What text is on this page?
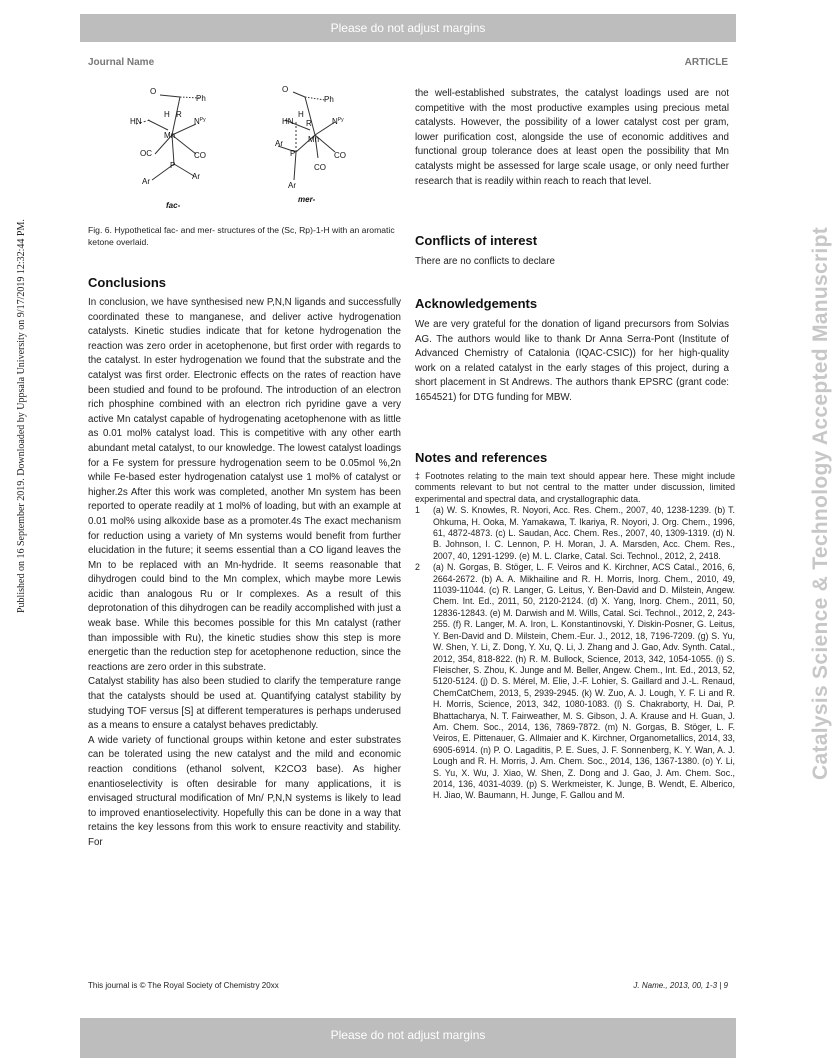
Please do not adjust margins
Journal Name	ARTICLE
Published on 16 September 2019. Downloaded by Uppsala University on 9/17/2019 12:32:44 PM.	Catalysis Science & Technology Accepted Manuscript
O
Ph
H R
HN	$N^{Py}$
Mn
OC	CO
P
Ar
Ar
O
Ph
H
R
HN	$N^{Py}$
Mn
Ar
P	CO
CO
Ar
fac-
mer-
Fig. 6. Hypothetical fac- and mer- structures of the (Sc, Rp)-1-H with an aromatic ketone overlaid.
Conclusions

In conclusion, we have synthesised new P,N,N ligands and successfully coordinated these to manganese, and deliver active hydrogenation catalysts. Kinetic studies indicate that for ketone hydrogenation the reaction was zero order in acetophenone, but first order with regards to the catalyst. In ester hydrogenation we found that the substrate and the catalyst was first order. Electronic effects on the rates of reaction have been studied and found to be profound. The introduction of an electron rich phosphine combined with an electron rich pyridine gave a very active Mn catalyst capable of hydrogenating acetophenone with as little as 0.01 mol% catalyst load. This is competitive with any other earth abundant metal catalyst, to our knowledge. The lowest catalyst loadings for a Fe system for pressure hydrogenation seem to be 0.05mol %,2n while Fe-based ester hydrogenation catalyst use 1 mol% of catalyst or higher.2s After this work was completed, another Mn system has been reported to operate readily at 1 mol% of loading, but with an example at 0.01 mol% using alkoxide base as a promoter.4s The exact mechanism for reduction using a variety of Mn systems would benefit from further elucidation in the future; it seems essential than a CO ligand leaves the Mn to be replaced with an Mn-hydride. It seems reasonable that dihydrogen could bind to the Mn complex, which maybe more Lewis acidic than analogous Ru or Ir complexes. As a result of this deprotonation of this dihydrogen can be readily accomplished with just a weak base. While this becomes possible for this Mn catalyst (rather than impossible with Ru), the kinetic studies show this step is more energetic than the reduction step for acetophenone reduction, since the reactions are zero order in this substrate.

Catalyst stability has also been studied to clarify the temperature range that the catalysts should be used at. Quantifying catalyst stability by studying TOF versus [S] at different temperatures is perhaps underused as a means to ensure a catalyst behaves predictably.

A wide variety of functional groups within ketone and ester substrates can be tolerated using the new catalyst and the mild and economic reaction conditions (ethanol solvent, K2CO3 base). As higher enantioselectivity is often desirable for many applications, it is envisaged structural modification of Mn/ P,N,N systems is likely to lead to improved enantioselectivity. Hopefully this can be done in a way that retains the key lessons from this work to ensure reactivity and stability. For

the well-established substrates, the catalyst loadings used are not competitive with the most productive examples using precious metal catalysts. However, the possibility of a lower catalyst cost per gram, lower purification cost, alongside the use of economic additives and functional group tolerance does at least open the possibility that Mn catalysts might be assessed for large scale usage, or only need further research that is readily within reach to reach that level.
Conflicts of interest
There are no conflicts to declare
Acknowledgements
We are very grateful for the donation of ligand precursors from Solvias AG. The authors would like to thank Dr Anna Serra-Pont (Institute of Advanced Chemistry of Catalonia (IQAC-CSIC)) for her high-quality work on a related catalyst in the early stages of this project, during a short placement in St Andrews. The authors thank EPSRC (grant code: 1654521) for DTG funding for MBW.
Notes and references
‡ Footnotes relating to the main text should appear here. These might include comments relevant to but not central to the matter under discussion, limited experimental and spectral data, and crystallographic data.
1	(a) W. S. Knowles, R. Noyori, Acc. Res. Chem., 2007, 40, 1238-1239. (b) T. Ohkuma, H. Ooka, M. Yamakawa, T. Ikariya, R. Noyori, J. Org. Chem., 1996, 61, 4872-4873. (c) L. Saudan, Acc. Chem. Res., 2007, 40, 1309-1319. (d) N. B. Johnson, I. C. Lennon, P. H. Moran, J. A. Marsden, Acc. Chem. Res., 2007, 40, 1291-1299. (e) M. L. Clarke, Catal. Sci. Technol., 2012, 2, 2418.
2	(a) N. Gorgas, B. Stöger, L. F. Veiros and K. Kirchner, ACS Catal., 2016, 6, 2664-2672. (b) A. A. Mikhailine and R. H. Morris, Inorg. Chem., 2010, 49, 11039-11044. (c) R. Langer, G. Leitus, Y. Ben-David and D. Milstein, Angew. Chem. Int. Ed., 2011, 50, 2120-2124. (d) X. Yang, Inorg. Chem., 2011, 50, 12836-12843. (e) M. Darwish and M. Wills, Catal. Sci. Technol., 2012, 2, 243-255. (f) R. Langer, M. A. Iron, L. Konstantinovski, Y. Diskin-Posner, G. Leitus, Y. Ben-David and D. Milstein, Chem.-Eur. J., 2012, 18, 7196-7209. (g) S. Yu, W. Shen, Y. Li, Z. Dong, Y. Xu, Q. Li, J. Zhang and J. Gao, Adv. Synth. Catal., 2012, 354, 818-822. (h) R. M. Bullock, Science, 2013, 342, 1054-1055. (i) S. Fleischer, S. Zhou, K. Junge and M. Beller, Angew. Chem., Int. Ed., 2013, 52, 5120-5124. (j) D. S. Mérel, M. Elie, J.-F. Lohier, S. Gaillard and J.-L. Renaud, ChemCatChem, 2013, 5, 2939-2945. (k) W. Zuo, A. J. Lough, Y. F. Li and R. H. Morris, Science, 2013, 342, 1080-1083. (l) S. Chakraborty, H. Dai, P. Bhattacharya, N. T. Fairweather, M. S. Gibson, J. A. Krause and H. Guan, J. Am. Chem. Soc., 2014, 136, 7869-7872. (m) N. Gorgas, B. Stöger, L. F. Veiros, E. Pittenauer, G. Allmaier and K. Kirchner, Organometallics, 2014, 33, 6905-6914. (n) P. O. Lagaditis, P. E. Sues, J. F. Sonnenberg, K. Y. Wan, A. J. Lough and R. H. Morris, J. Am. Chem. Soc., 2014, 136, 1367-1380. (o) Y. Li, S. Yu, X. Wu, J. Xiao, W. Shen, Z. Dong and J. Gao, J. Am. Chem. Soc., 2014, 136, 4031-4039. (p) S. Werkmeister, K. Junge, B. Wendt, E. Alberico, H. Jiao, W. Baumann, H. Junge, F. Gallou and M.
This journal is © The Royal Society of Chemistry 20xx	J. Name., 2013, 00, 1-3 | 9
Please do not adjust margins
